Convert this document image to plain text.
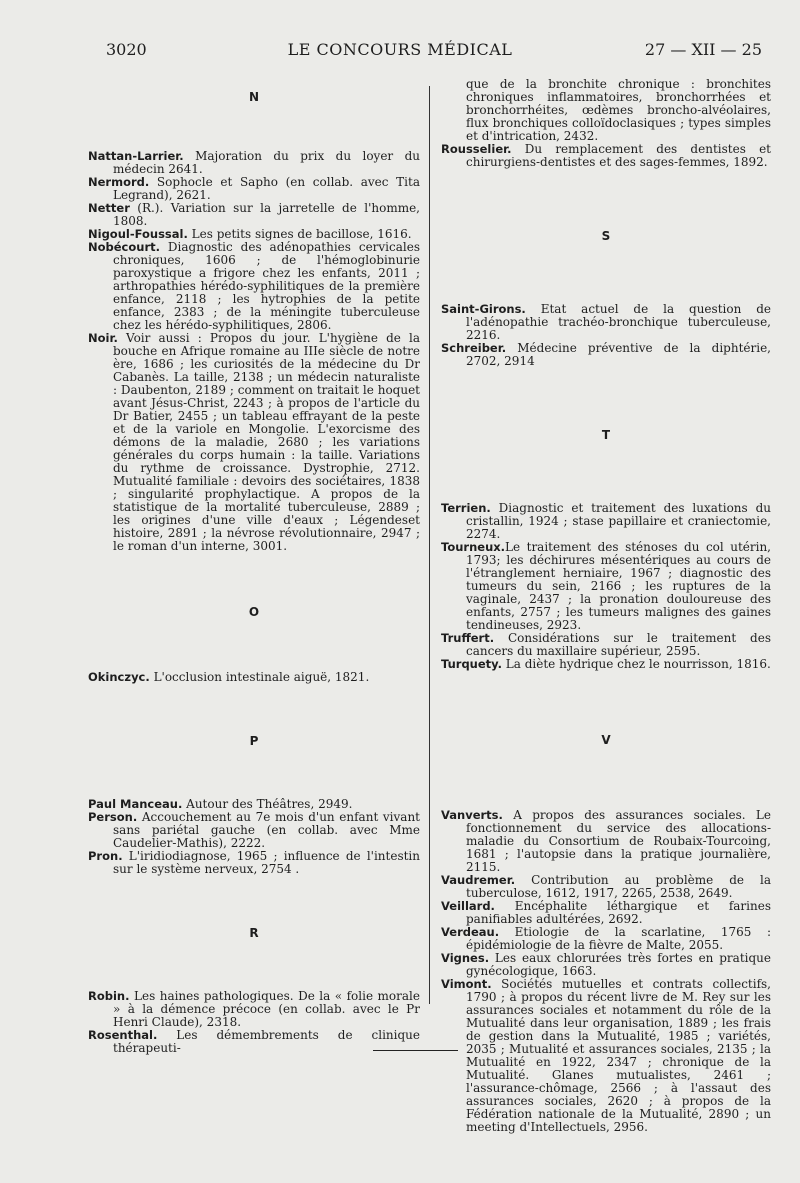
LE CONCOURS MÉDICAL
3020	27 — XII — 25
N

Nattan-Larrier. Majoration du prix du loyer du médecin 2641.

Nermord. Sophocle et Sapho (en collab. avec Tita Legrand), 2621.

Netter (R.). Variation sur la jarretelle de l'homme, 1808.

Nigoul-Foussal. Les petits signes de bacillose, 1616.

Nobécourt. Diagnostic des adénopathies cervicales chroniques, 1606 ; de l'hémoglobinurie paroxystique a frigore chez les enfants, 2011 ; arthropathies hérédo-syphilitiques de la première enfance, 2118 ; les hytrophies de la petite enfance, 2383 ; de la méningite tuberculeuse chez les hérédo-syphilitiques, 2806.

Noir. Voir aussi : Propos du jour. L'hygiène de la bouche en Afrique romaine au IIIe siècle de notre ère, 1686 ; les curiosités de la médecine du Dr Cabanès. La taille, 2138 ; un médecin naturaliste : Daubenton, 2189 ; comment on traitait le hoquet avant Jésus-Christ, 2243 ; à propos de l'article du Dr Batier, 2455 ; un tableau effrayant de la peste et de la variole en Mongolie. L'exorcisme des démons de la maladie, 2680 ; les variations générales du corps humain : la taille. Variations du rythme de croissance. Dystrophie, 2712. Mutualité familiale : devoirs des sociétaires, 1838 ; singularité prophylactique. A propos de la statistique de la mortalité tuberculeuse, 2889 ; les origines d'une ville d'eaux ; Légendeset histoire, 2891 ; la névrose révolutionnaire, 2947 ; le roman d'un interne, 3001.

O

Okinczyc. L'occlusion intestinale aiguë, 1821.

P

Paul Manceau. Autour des Théâtres, 2949.

Person. Accouchement au 7e mois d'un enfant vivant sans pariétal gauche (en collab. avec Mme Caudelier-Mathis), 2222.

Pron. L'iridiodiagnose, 1965 ; influence de l'intestin sur le système nerveux, 2754 .

R

Robin. Les haines pathologiques. De la « folie morale » à la démence précoce (en collab. avec le Pr Henri Claude), 2318.

Rosenthal. Les démembrements de clinique thérapeuti-

que de la bronchite chronique : bronchites chroniques inflammatoires, bronchorrhées et bronchorrhéites, œdèmes broncho-alvéolaires, flux bronchiques colloïdoclasiques ; types simples et d'intrication, 2432.

Rousselier. Du remplacement des dentistes et chirurgiens-dentistes et des sages-femmes, 1892.

S

Saint-Girons. Etat actuel de la question de l'adénopathie trachéo-bronchique tuberculeuse, 2216.

Schreiber. Médecine préventive de la diphtérie, 2702, 2914

T

Terrien. Diagnostic et traitement des luxations du cristallin, 1924 ; stase papillaire et craniectomie, 2274.

Tourneux.Le traitement des sténoses du col utérin, 1793; les déchirures mésentériques au cours de l'étranglement herniaire, 1967 ; diagnostic des tumeurs du sein, 2166 ; les ruptures de la vaginale, 2437 ; la pronation douloureuse des enfants, 2757 ; les tumeurs malignes des gaines tendineuses, 2923.

Truffert. Considérations sur le traitement des cancers du maxillaire supérieur, 2595.

Turquety. La diète hydrique chez le nourrisson, 1816.

V

Vanverts. A propos des assurances sociales. Le fonctionnement du service des allocations-maladie du Consortium de Roubaix-Tourcoing, 1681 ; l'autopsie dans la pratique journalière, 2115.

Vaudremer. Contribution au problème de la tuberculose, 1612, 1917, 2265, 2538, 2649.

Veillard. Encéphalite léthargique et farines panifiables adultérées, 2692.

Verdeau. Etiologie de la scarlatine, 1765 : épidémiologie de la fièvre de Malte, 2055.

Vignes. Les eaux chlorurées très fortes en pratique gynécologique, 1663.

Vimont. Sociétés mutuelles et contrats collectifs, 1790 ; à propos du récent livre de M. Rey sur les assurances sociales et notamment du rôle de la Mutualité dans leur organisation, 1889 ; les frais de gestion dans la Mutualité, 1985 ; variétés, 2035 ; Mutualité et assurances sociales, 2135 ; la Mutualité en 1922, 2347 ; chronique de la Mutualité. Glanes mutualistes, 2461 ; l'assurance-chômage, 2566 ; à l'assaut des assurances sociales, 2620 ; à propos de la Fédération nationale de la Mutualité, 2890 ; un meeting d'Intellectuels, 2956.
